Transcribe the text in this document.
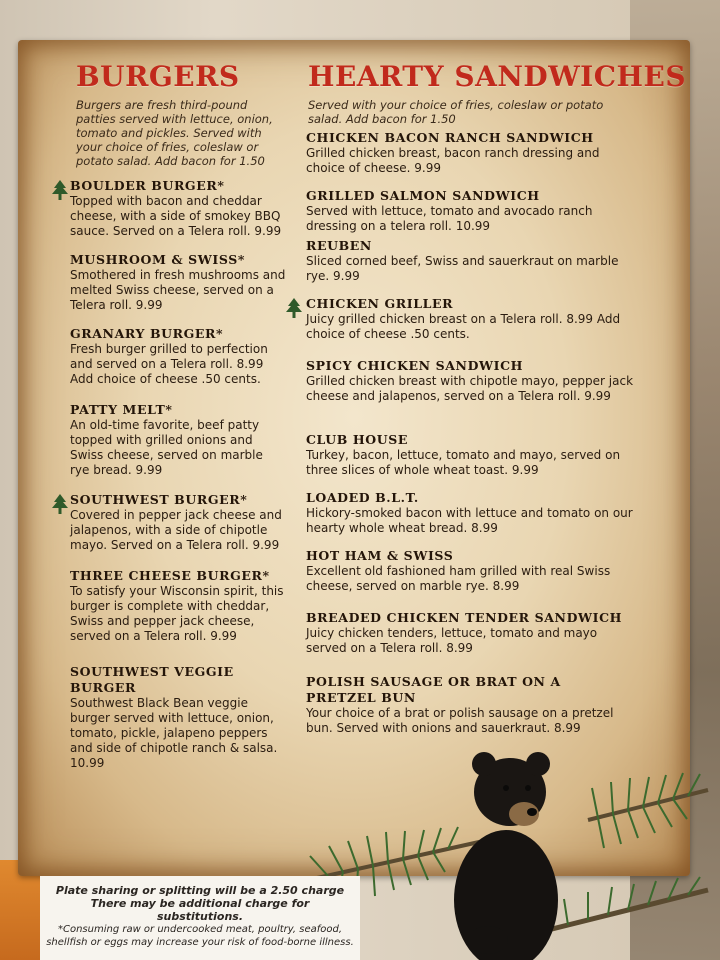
BURGERS
Burgers are fresh third-pound patties served with lettuce, onion, tomato and pickles. Served with your choice of fries, coleslaw or potato salad. Add bacon for 1.50
BOULDER BURGER*
Topped with bacon and cheddar cheese, with a side of smokey BBQ sauce. Served on a Telera roll. 9.99
MUSHROOM & SWISS*
Smothered in fresh mushrooms and melted Swiss cheese, served on a Telera roll. 9.99
GRANARY BURGER*
Fresh burger grilled to perfection and served on a Telera roll. 8.99 Add choice of cheese .50 cents.
PATTY MELT*
An old-time favorite, beef patty topped with grilled onions and Swiss cheese, served on marble rye bread. 9.99
SOUTHWEST BURGER*
Covered in pepper jack cheese and jalapenos, with a side of chipotle mayo. Served on a Telera roll. 9.99
THREE CHEESE BURGER*
To satisfy your Wisconsin spirit, this burger is complete with cheddar, Swiss and pepper jack cheese, served on a Telera roll. 9.99
SOUTHWEST VEGGIE BURGER
Southwest Black Bean veggie burger served with lettuce, onion, tomato, pickle, jalapeno peppers and side of chipotle ranch & salsa. 10.99
HEARTY SANDWICHES
Served with your choice of fries, coleslaw or potato salad. Add bacon for 1.50
CHICKEN BACON RANCH SANDWICH
Grilled chicken breast, bacon ranch dressing and choice of cheese. 9.99
GRILLED SALMON SANDWICH
Served with lettuce, tomato and avocado ranch dressing on a telera roll. 10.99
REUBEN
Sliced corned beef, Swiss and sauerkraut on marble rye. 9.99
CHICKEN GRILLER
Juicy grilled chicken breast on a Telera roll. 8.99 Add choice of cheese .50 cents.
SPICY CHICKEN SANDWICH
Grilled chicken breast with chipotle mayo, pepper jack cheese and jalapenos, served on a Telera roll. 9.99
CLUB HOUSE
Turkey, bacon, lettuce, tomato and mayo, served on three slices of whole wheat toast. 9.99
LOADED B.L.T.
Hickory-smoked bacon with lettuce and tomato on our hearty whole wheat bread. 8.99
HOT HAM & SWISS
Excellent old fashioned ham grilled with real Swiss cheese, served on marble rye. 8.99
BREADED CHICKEN TENDER SANDWICH
Juicy chicken tenders, lettuce, tomato and mayo served on a Telera roll. 8.99
POLISH SAUSAGE OR BRAT ON A PRETZEL BUN
Your choice of a brat or polish sausage on a pretzel bun. Served with onions and sauerkraut. 8.99
Plate sharing or splitting will be a 2.50 charge
There may be additional charge for substitutions.
*Consuming raw or undercooked meat, poultry, seafood, shellfish or eggs may increase your risk of food-borne illness.
